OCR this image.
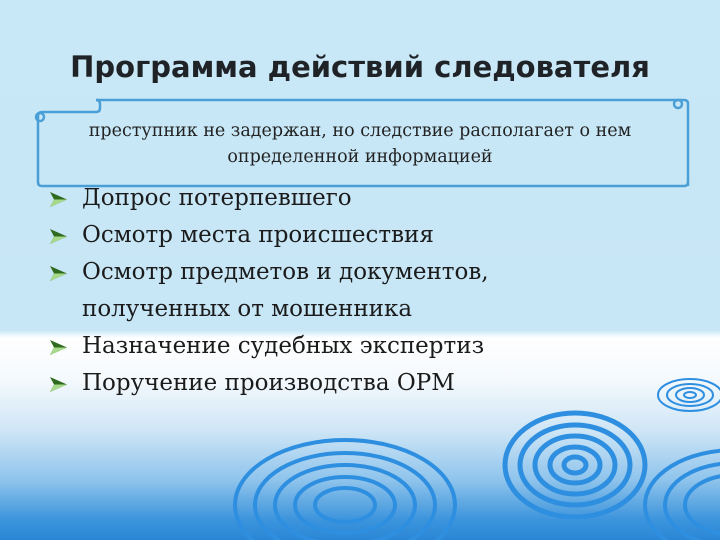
Программа действий следователя
преступник не задержан, но следствие располагает о нем
определенной информацией
Допрос потерпевшего
Осмотр места происшествия
Осмотр предметов и документов,
полученных от мошенника
Назначение судебных экспертиз
Поручение производства ОРМ
